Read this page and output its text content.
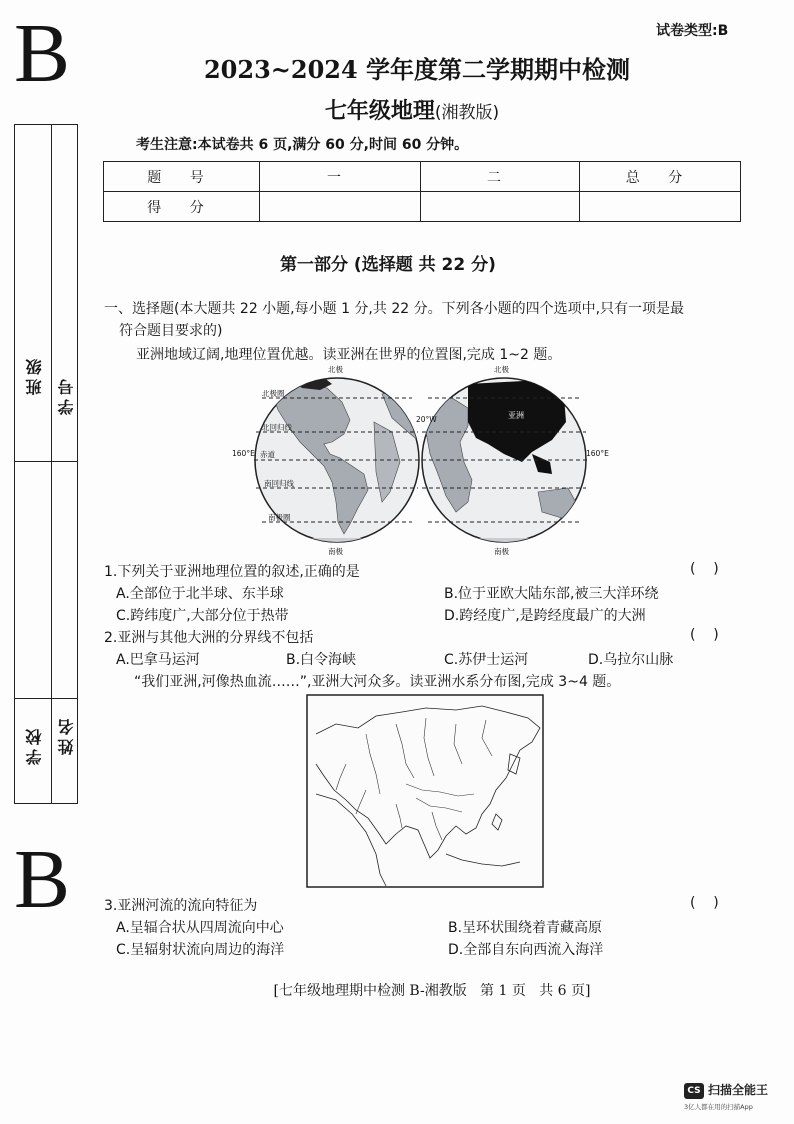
B	试卷类型:B
2023~2024 学年度第二学期期中检测
七年级地理(湘教版)
考生注意:本试卷共 6 页,满分 60 分,时间 60 分钟。
题 号	一	二	总 分
得 分			
班级 学号
学校 姓名
B
第一部分 (选择题 共 22 分)
一、选择题(本大题共 22 小题,每小题 1 分,共 22 分。下列各小题的四个选项中,只有一项是最
符合题目要求的)
亚洲地域辽阔,地理位置优越。读亚洲在世界的位置图,完成 1~2 题。
北极	北极
北极圈
北回归线
赤道
南回归线
南极圈
南极	南极
160°E	160°E
20°W	亚洲
1.下列关于亚洲地理位置的叙述,正确的是	(    )
A.全部位于北半球、东半球	B.位于亚欧大陆东部,被三大洋环绕
C.跨纬度广,大部分位于热带	D.跨经度广,是跨经度最广的大洲
2.亚洲与其他大洲的分界线不包括	(    )
A.巴拿马运河	B.白令海峡	C.苏伊士运河	D.乌拉尔山脉
“我们亚洲,河像热血流……”,亚洲大河众多。读亚洲水系分布图,完成 3~4 题。
3.亚洲河流的流向特征为	(    )
A.呈辐合状从四周流向中心	B.呈环状围绕着青藏高原
C.呈辐射状流向周边的海洋	D.全部自东向西流入海洋
[七年级地理期中检测 B-湘教版   第 1 页   共 6 页]
CS 扫描全能王
3亿人都在用的扫描App
